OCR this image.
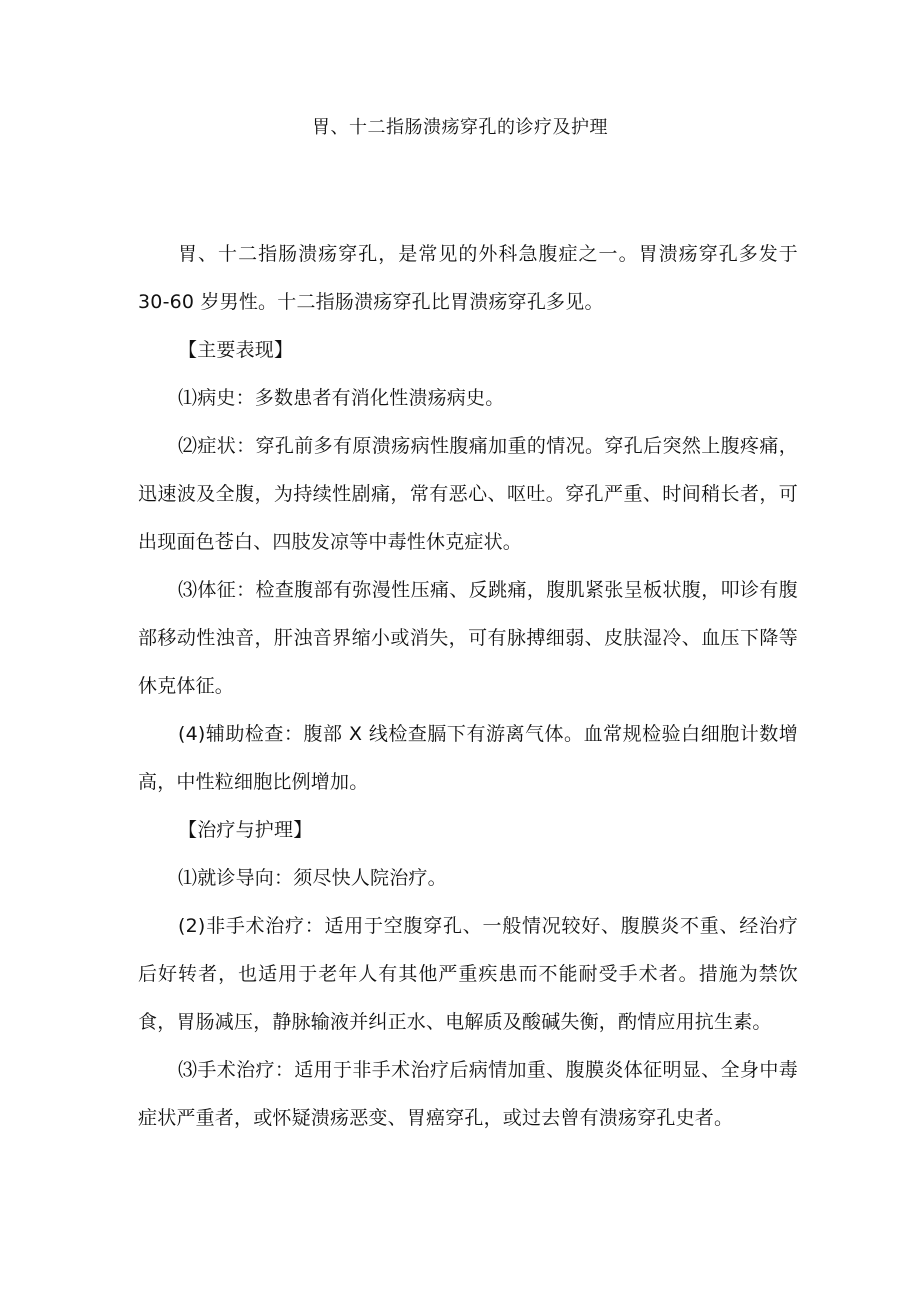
胃、十二指肠溃疡穿孔的诊疗及护理

胃、十二指肠溃疡穿孔，是常见的外科急腹症之一。胃溃疡穿孔多发于 30-60 岁男性。十二指肠溃疡穿孔比胃溃疡穿孔多见。

【主要表现】

⑴病史：多数患者有消化性溃疡病史。

⑵症状：穿孔前多有原溃疡病性腹痛加重的情况。穿孔后突然上腹疼痛，迅速波及全腹，为持续性剧痛，常有恶心、呕吐。穿孔严重、时间稍长者，可出现面色苍白、四肢发凉等中毒性休克症状。

⑶体征：检查腹部有弥漫性压痛、反跳痛，腹肌紧张呈板状腹，叩诊有腹部移动性浊音，肝浊音界缩小或消失，可有脉搏细弱、皮肤湿冷、血压下降等休克体征。

(4)辅助检查：腹部 X 线检查膈下有游离气体。血常规检验白细胞计数增高，中性粒细胞比例增加。

【治疗与护理】

⑴就诊导向：须尽快人院治疗。

(2)非手术治疗：适用于空腹穿孔、一般情况较好、腹膜炎不重、经治疗后好转者，也适用于老年人有其他严重疾患而不能耐受手术者。措施为禁饮食，胃肠减压，静脉输液并纠正水、电解质及酸碱失衡，酌情应用抗生素。

⑶手术治疗：适用于非手术治疗后病情加重、腹膜炎体征明显、全身中毒症状严重者，或怀疑溃疡恶变、胃癌穿孔，或过去曾有溃疡穿孔史者。
